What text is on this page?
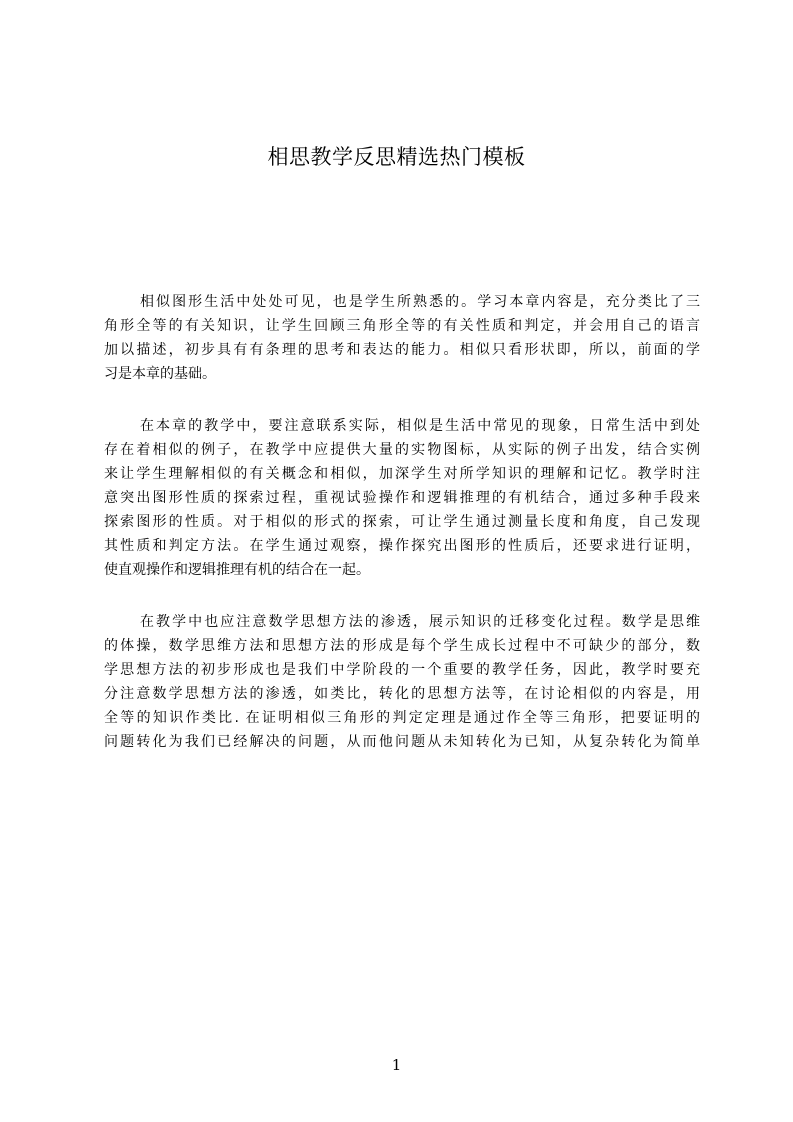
相思教学反思精选热门模板

相似图形生活中处处可见，也是学生所熟悉的。学习本章内容是，充分类比了三
角形全等的有关知识，让学生回顾三角形全等的有关性质和判定，并会用自己的语言
加以描述，初步具有有条理的思考和表达的能力。相似只看形状即，所以，前面的学
习是本章的基础。

在本章的教学中，要注意联系实际，相似是生活中常见的现象，日常生活中到处
存在着相似的例子，在教学中应提供大量的实物图标，从实际的例子出发，结合实例
来让学生理解相似的有关概念和相似，加深学生对所学知识的理解和记忆。教学时注
意突出图形性质的探索过程，重视试验操作和逻辑推理的有机结合，通过多种手段来
探索图形的性质。对于相似的形式的探索，可让学生通过测量长度和角度，自己发现
其性质和判定方法。在学生通过观察，操作探究出图形的性质后，还要求进行证明，
使直观操作和逻辑推理有机的结合在一起。

在教学中也应注意数学思想方法的渗透，展示知识的迁移变化过程。数学是思维
的体操，数学思维方法和思想方法的形成是每个学生成长过程中不可缺少的部分，数
学思想方法的初步形成也是我们中学阶段的一个重要的教学任务，因此，教学时要充
分注意数学思想方法的渗透，如类比，转化的思想方法等，在讨论相似的内容是，用
全等的知识作类比. 在证明相似三角形的判定定理是通过作全等三角形，把要证明的
问题转化为我们已经解决的问题，从而他问题从未知转化为已知，从复杂转化为简单

1
